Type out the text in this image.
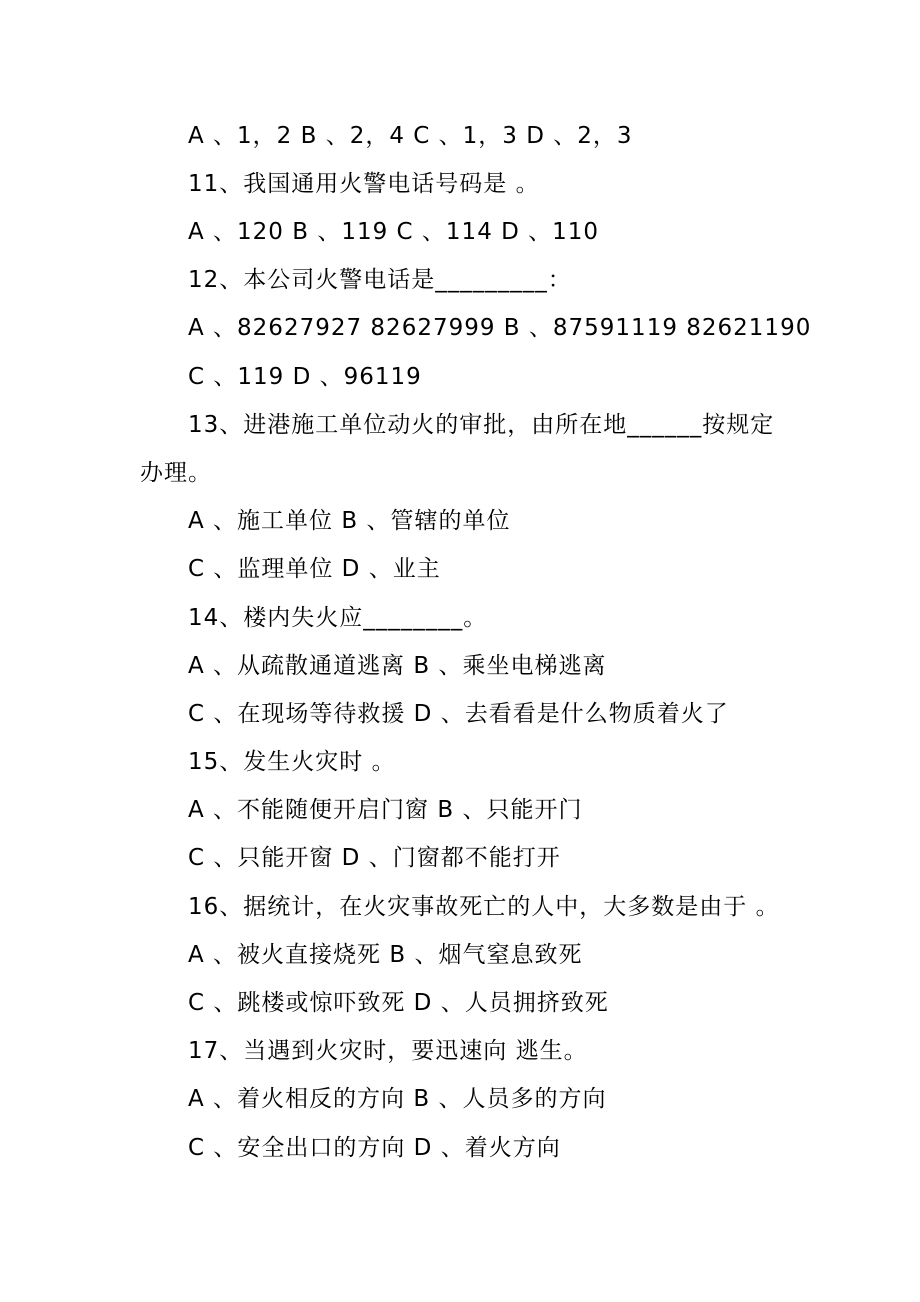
A 、1，2 B 、2，4 C 、1，3 D 、2，3
11、我国通用火警电话号码是 。
A 、120 B 、119 C 、114 D 、110
12、本公司火警电话是_________：
A 、82627927 82627999 B 、87591119 82621190
C 、119 D 、96119
13、进港施工单位动火的审批，由所在地______按规定
办理。
A 、施工单位 B 、管辖的单位
C 、监理单位 D 、业主
14、楼内失火应________。
A 、从疏散通道逃离 B 、乘坐电梯逃离
C 、在现场等待救援 D 、去看看是什么物质着火了
15、发生火灾时 。
A 、不能随便开启门窗 B 、只能开门
C 、只能开窗 D 、门窗都不能打开
16、据统计，在火灾事故死亡的人中，大多数是由于 。
A 、被火直接烧死 B 、烟气窒息致死
C 、跳楼或惊吓致死 D 、人员拥挤致死
17、当遇到火灾时，要迅速向 逃生。
A 、着火相反的方向 B 、人员多的方向
C 、安全出口的方向 D 、着火方向
